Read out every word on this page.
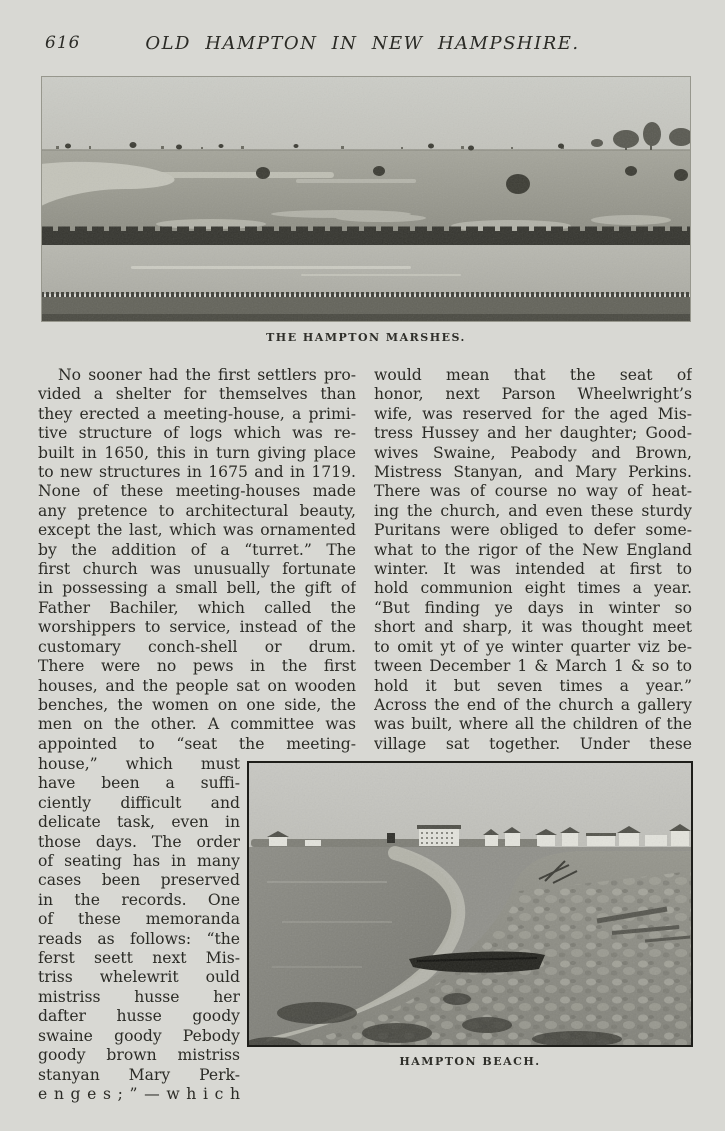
616	OLD HAMPTON IN NEW HAMPSHIRE.
THE HAMPTON MARSHES.
No sooner had the first settlers pro-
vided a shelter for themselves than
they erected a meeting-house, a primi-
tive structure of logs which was re-
built in 1650, this in turn giving place
to new structures in 1675 and in 1719.
None of these meeting-houses made
any pretence to architectural beauty,
except the last, which was ornamented
by the addition of a “turret.” The
first church was unusually fortunate
in possessing a small bell, the gift of
Father Bachiler, which called the
worshippers to service, instead of the
customary conch-shell or drum.
There were no pews in the first
houses, and the people sat on wooden
benches, the women on one side, the
men on the other. A committee was
appointed to “seat the meeting-
would mean that the seat of
honor, next Parson Wheelwright’s
wife, was reserved for the aged Mis-
tress Hussey and her daughter; Good-
wives Swaine, Peabody and Brown,
Mistress Stanyan, and Mary Perkins.
There was of course no way of heat-
ing the church, and even these sturdy
Puritans were obliged to defer some-
what to the rigor of the New England
winter. It was intended at first to
hold communion eight times a year.
“But finding ye days in winter so
short and sharp, it was thought meet
to omit yt of ye winter quarter viz be-
tween December 1 & March 1 & so to
hold it but seven times a year.”
Across the end of the church a gallery
was built, where all the children of the
village sat together. Under these
house,” which must
have been a suffi-
ciently difficult and
delicate task, even in
those days. The order
of seating has in many
cases been preserved
in the records. One
of these memoranda
reads as follows: “the
ferst seett next Mis-
triss whelewrit ould
mistriss husse her
dafter husse goody
swaine goody Pebody
goody brown mistriss
stanyan Mary Perk-
e n g e s ; ” — w h i c h
HAMPTON BEACH.
